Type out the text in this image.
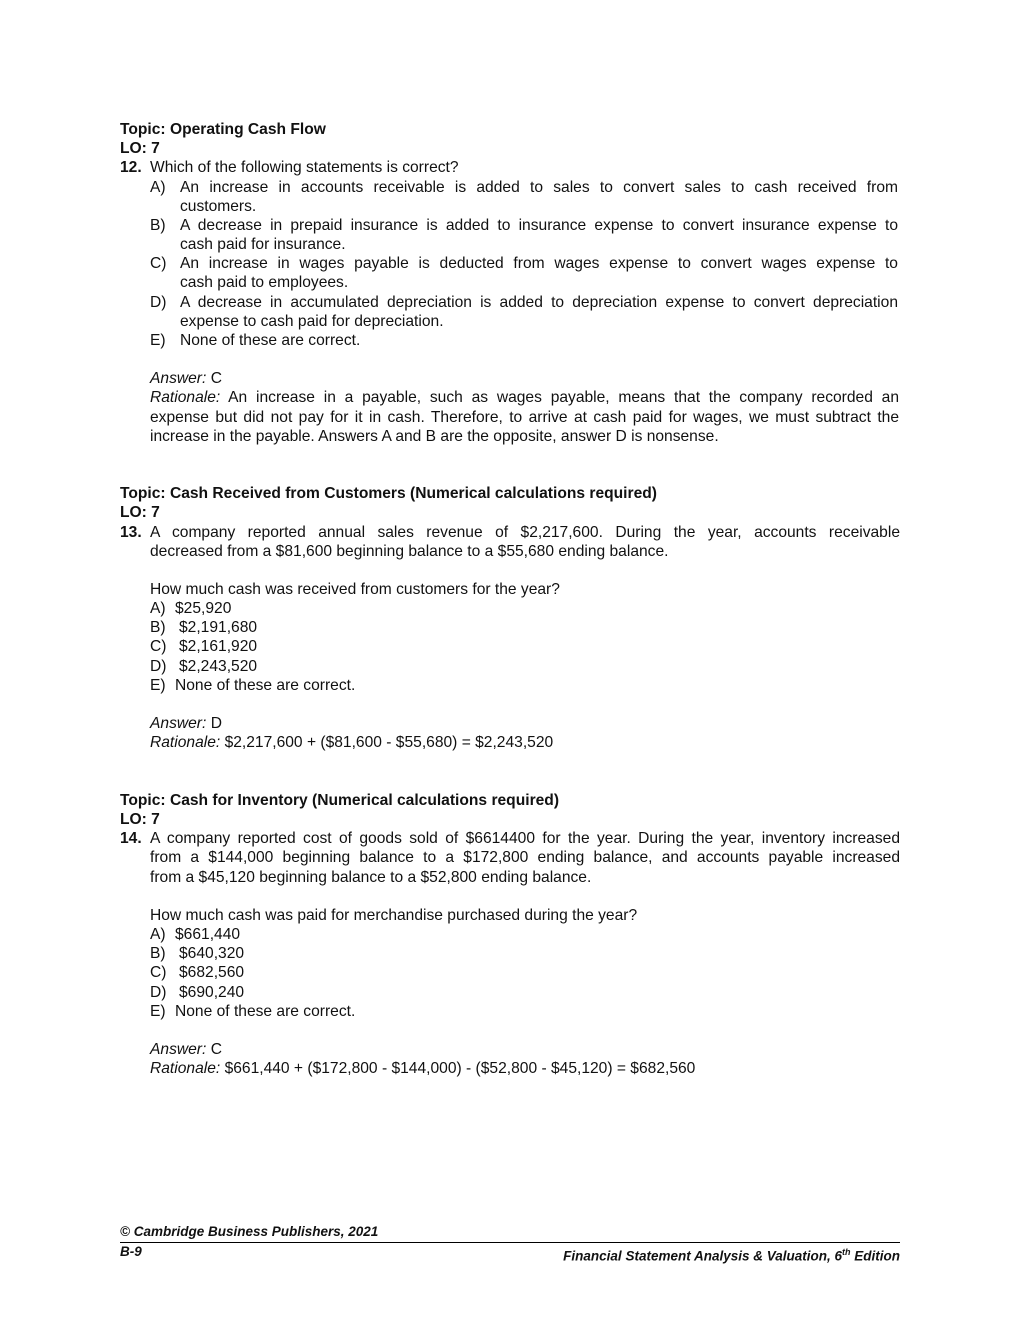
Topic: Operating Cash Flow
LO: 7
12. Which of the following statements is correct?
A) An increase in accounts receivable is added to sales to convert sales to cash received from
customers.
B) A decrease in prepaid insurance is added to insurance expense to convert insurance expense to
cash paid for insurance.
C) An increase in wages payable is deducted from wages expense to convert wages expense to
cash paid to employees.
D) A decrease in accumulated depreciation is added to depreciation expense to convert depreciation
expense to cash paid for depreciation.
E) None of these are correct.
Answer: C
Rationale: An increase in a payable, such as wages payable, means that the company recorded an
expense but did not pay for it in cash. Therefore, to arrive at cash paid for wages, we must subtract the
increase in the payable. Answers A and B are the opposite, answer D is nonsense.
Topic: Cash Received from Customers (Numerical calculations required)
LO: 7
13. A company reported annual sales revenue of $2,217,600. During the year, accounts receivable
decreased from a $81,600 beginning balance to a $55,680 ending balance.
How much cash was received from customers for the year?
A) $25,920
B) $2,191,680
C) $2,161,920
D) $2,243,520
E) None of these are correct.
Answer: D
Rationale: $2,217,600 + ($81,600 - $55,680) = $2,243,520
Topic: Cash for Inventory (Numerical calculations required)
LO: 7
14. A company reported cost of goods sold of $6614400 for the year. During the year, inventory increased
from a $144,000 beginning balance to a $172,800 ending balance, and accounts payable increased
from a $45,120 beginning balance to a $52,800 ending balance.
How much cash was paid for merchandise purchased during the year?
A) $661,440
B) $640,320
C) $682,560
D) $690,240
E) None of these are correct.
Answer: C
Rationale: $661,440 + ($172,800 - $144,000) - ($52,800 - $45,120) = $682,560
© Cambridge Business Publishers, 2021
B-9	Financial Statement Analysis & Valuation, 6th Edition
